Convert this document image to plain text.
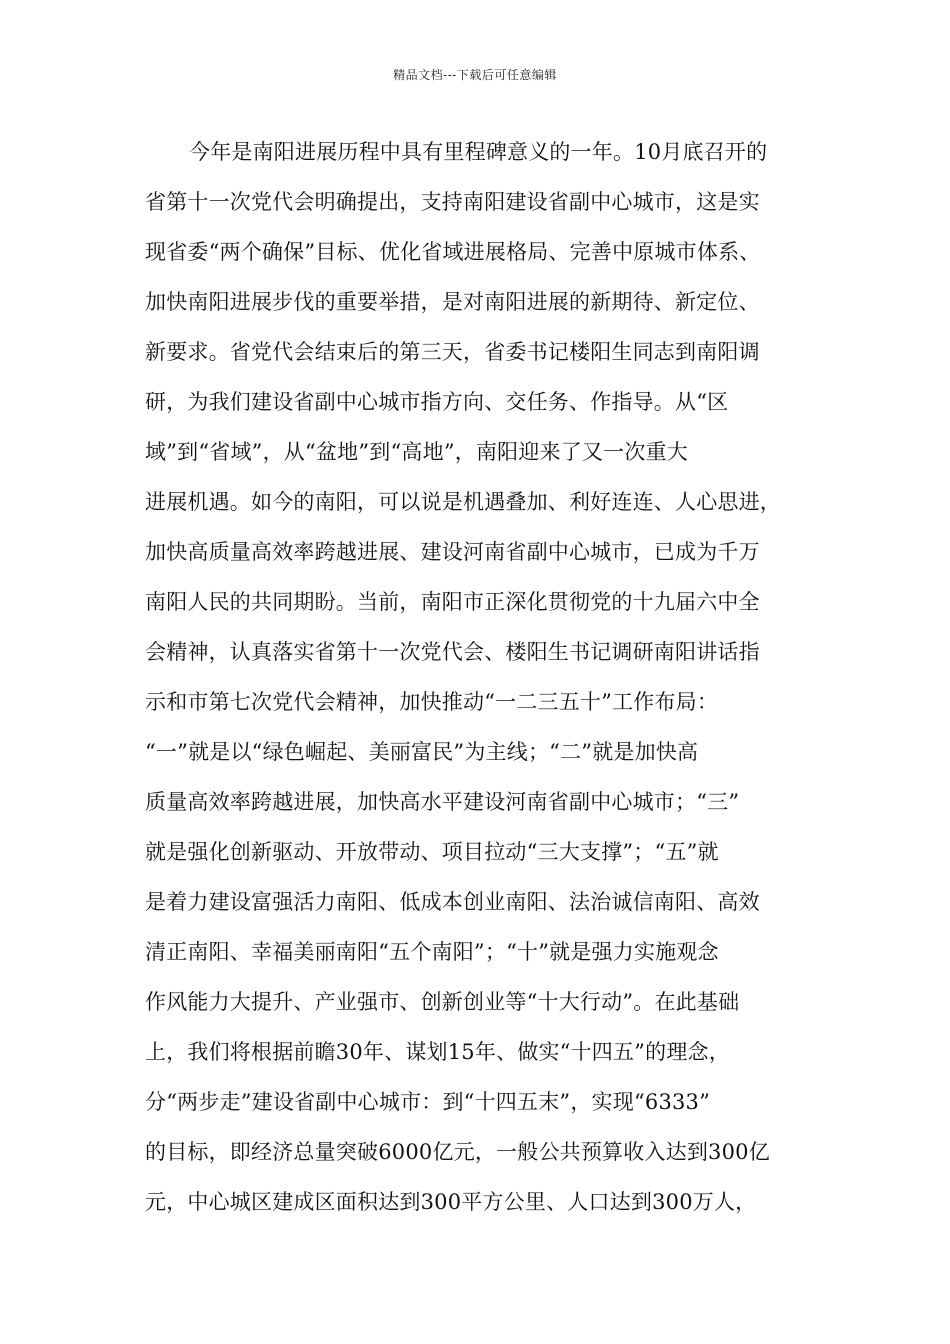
精品文档---下载后可任意编辑
今年是南阳进展历程中具有里程碑意义的一年。10月底召开的
省第十一次党代会明确提出，支持南阳建设省副中心城市，这是实
现省委“两个确保”目标、优化省域进展格局、完善中原城市体系、
加快南阳进展步伐的重要举措，是对南阳进展的新期待、新定位、
新要求。省党代会结束后的第三天，省委书记楼阳生同志到南阳调
研，为我们建设省副中心城市指方向、交任务、作指导。从“区
域”到“省域”，从“盆地”到“高地”，南阳迎来了又一次重大
进展机遇。如今的南阳，可以说是机遇叠加、利好连连、人心思进，
加快高质量高效率跨越进展、建设河南省副中心城市，已成为千万
南阳人民的共同期盼。当前，南阳市正深化贯彻党的十九届六中全
会精神，认真落实省第十一次党代会、楼阳生书记调研南阳讲话指
示和市第七次党代会精神，加快推动“一二三五十”工作布局：
“一”就是以“绿色崛起、美丽富民”为主线；“二”就是加快高
质量高效率跨越进展，加快高水平建设河南省副中心城市；“三”
就是强化创新驱动、开放带动、项目拉动“三大支撑”；“五”就
是着力建设富强活力南阳、低成本创业南阳、法治诚信南阳、高效
清正南阳、幸福美丽南阳“五个南阳”；“十”就是强力实施观念
作风能力大提升、产业强市、创新创业等“十大行动”。在此基础
上，我们将根据前瞻30年、谋划15年、做实“十四五”的理念，
分“两步走”建设省副中心城市：到“十四五末”，实现“6333”
的目标，即经济总量突破6000亿元，一般公共预算收入达到300亿
元，中心城区建成区面积达到300平方公里、人口达到300万人，
